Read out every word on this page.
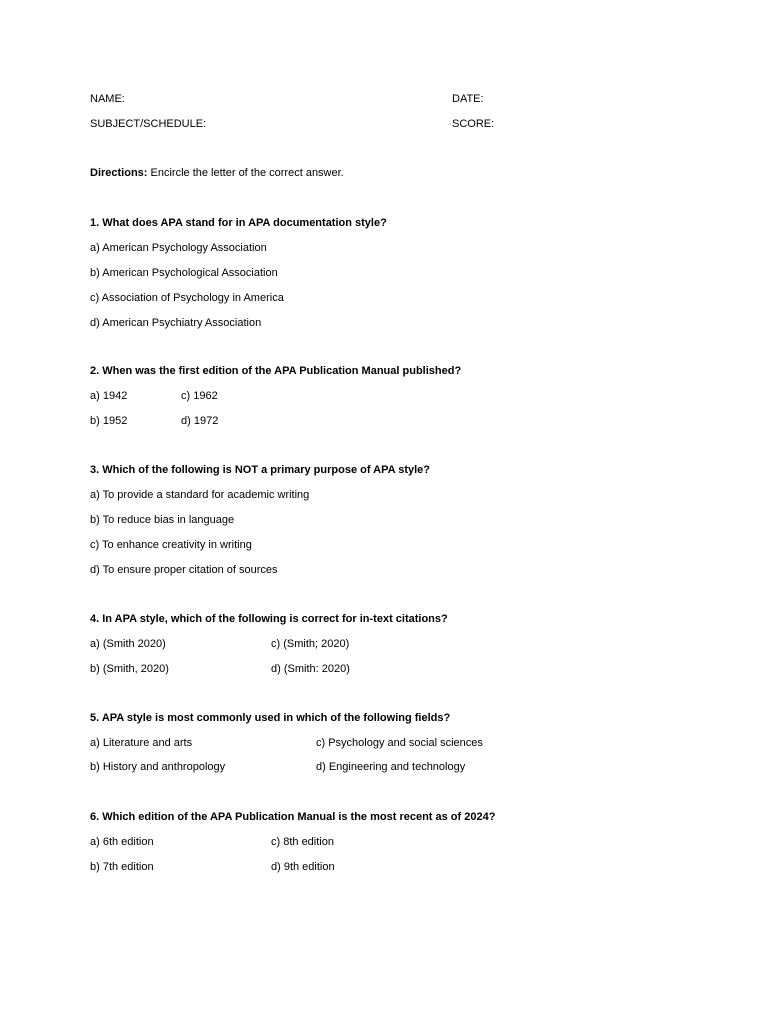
NAME:	DATE:
SUBJECT/SCHEDULE:	SCORE:
Directions: Encircle the letter of the correct answer.
1. What does APA stand for in APA documentation style?
a) American Psychology Association
b) American Psychological Association
c) Association of Psychology in America
d) American Psychiatry Association
2. When was the first edition of the APA Publication Manual published?
a) 1942	c) 1962
b) 1952	d) 1972
3. Which of the following is NOT a primary purpose of APA style?
a) To provide a standard for academic writing
b) To reduce bias in language
c) To enhance creativity in writing
d) To ensure proper citation of sources
4. In APA style, which of the following is correct for in-text citations?
a) (Smith 2020)	c) (Smith; 2020)
b) (Smith, 2020)	d) (Smith: 2020)
5. APA style is most commonly used in which of the following fields?
a) Literature and arts	c) Psychology and social sciences
b) History and anthropology	d) Engineering and technology
6. Which edition of the APA Publication Manual is the most recent as of 2024?
a) 6th edition	c) 8th edition
b) 7th edition	d) 9th edition
